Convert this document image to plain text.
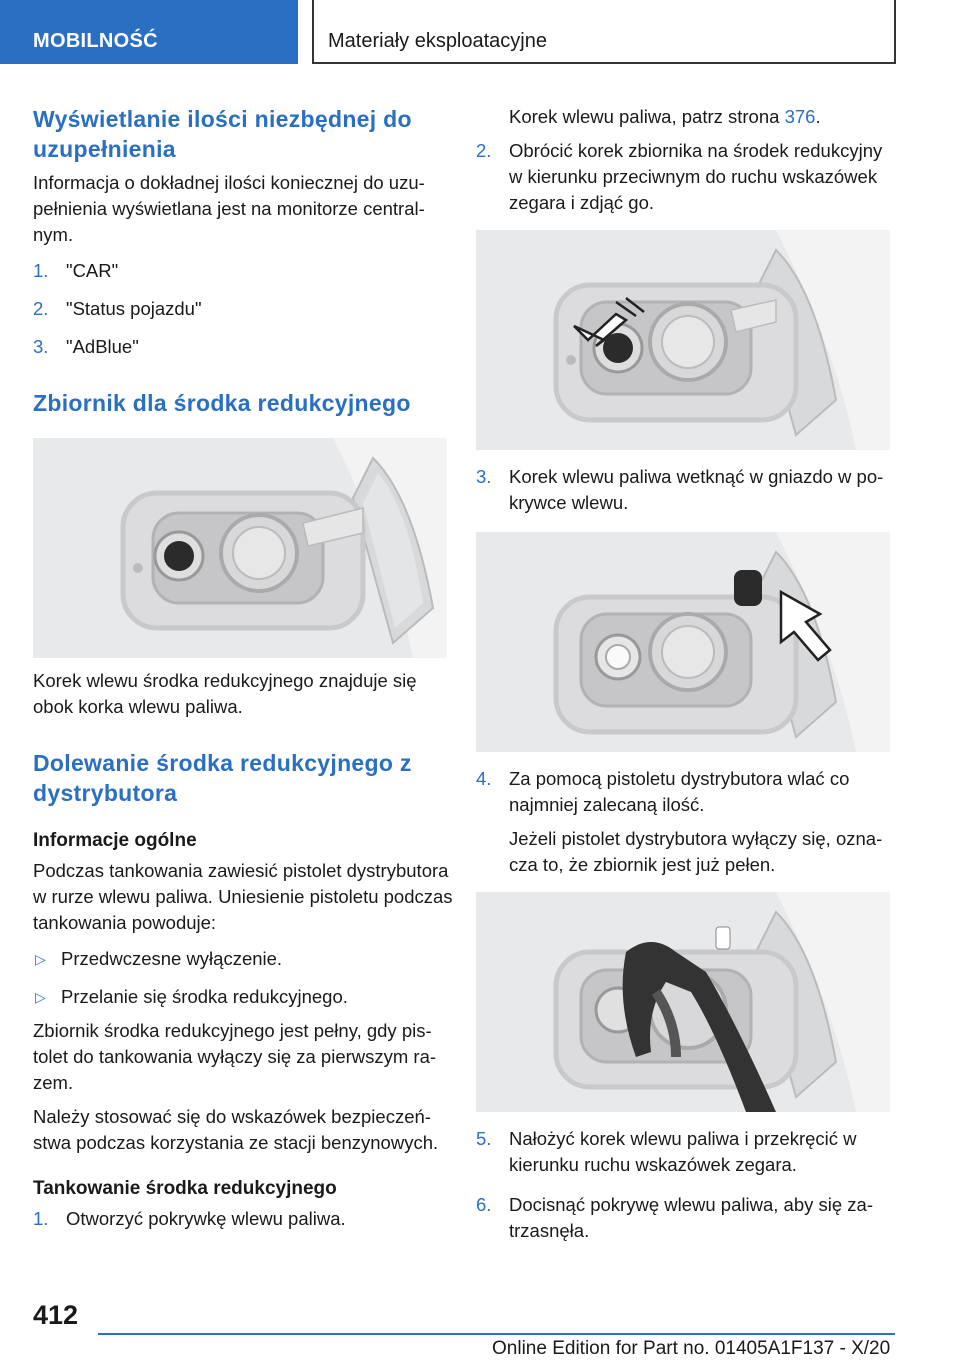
MOBILNOŚĆ	Materiały eksploatacyjne
Wyświetlanie ilości niezbędnej do uzupełnienia

Informacja o dokładnej ilości koniecznej do uzupełnienia wyświetlana jest na monitorze centralnym.

1. "CAR"
2. "Status pojazdu"
3. "AdBlue"
Zbiornik dla środka redukcyjnego

Korek wlewu środka redukcyjnego znajduje się obok korka wlewu paliwa.

Dolewanie środka redukcyjnego z dystrybutora
Informacje ogólne

Podczas tankowania zawiesić pistolet dystrybutora w rurze wlewu paliwa. Uniesienie pistoletu podczas tankowania powoduje:

▷ Przedwczesne wyłączenie.
▷ Przelanie się środka redukcyjnego.

Zbiornik środka redukcyjnego jest pełny, gdy pistolet do tankowania wyłączy się za pierwszym razem.

Należy stosować się do wskazówek bezpieczeństwa podczas korzystania ze stacji benzynowych.

Tankowanie środka redukcyjnego
1. Otworzyć pokrywkę wlewu paliwa.

Korek wlewu paliwa, patrz strona 376.

2. Obrócić korek zbiornika na środek redukcyjny w kierunku przeciwnym do ruchu wskazówek zegara i zdjąć go.
3. Korek wlewu paliwa wetknąć w gniazdo w pokrywce wlewu.
4. Za pomocą pistoletu dystrybutora wlać co najmniej zalecaną ilość.

Jeżeli pistolet dystrybutora wyłączy się, oznacza to, że zbiornik jest już pełen.

5. Nałożyć korek wlewu paliwa i przekręcić w kierunku ruchu wskazówek zegara.
6. Docisnąć pokrywę wlewu paliwa, aby się zatrzasnęła.
412
Online Edition for Part no. 01405A1F137 - X/20
